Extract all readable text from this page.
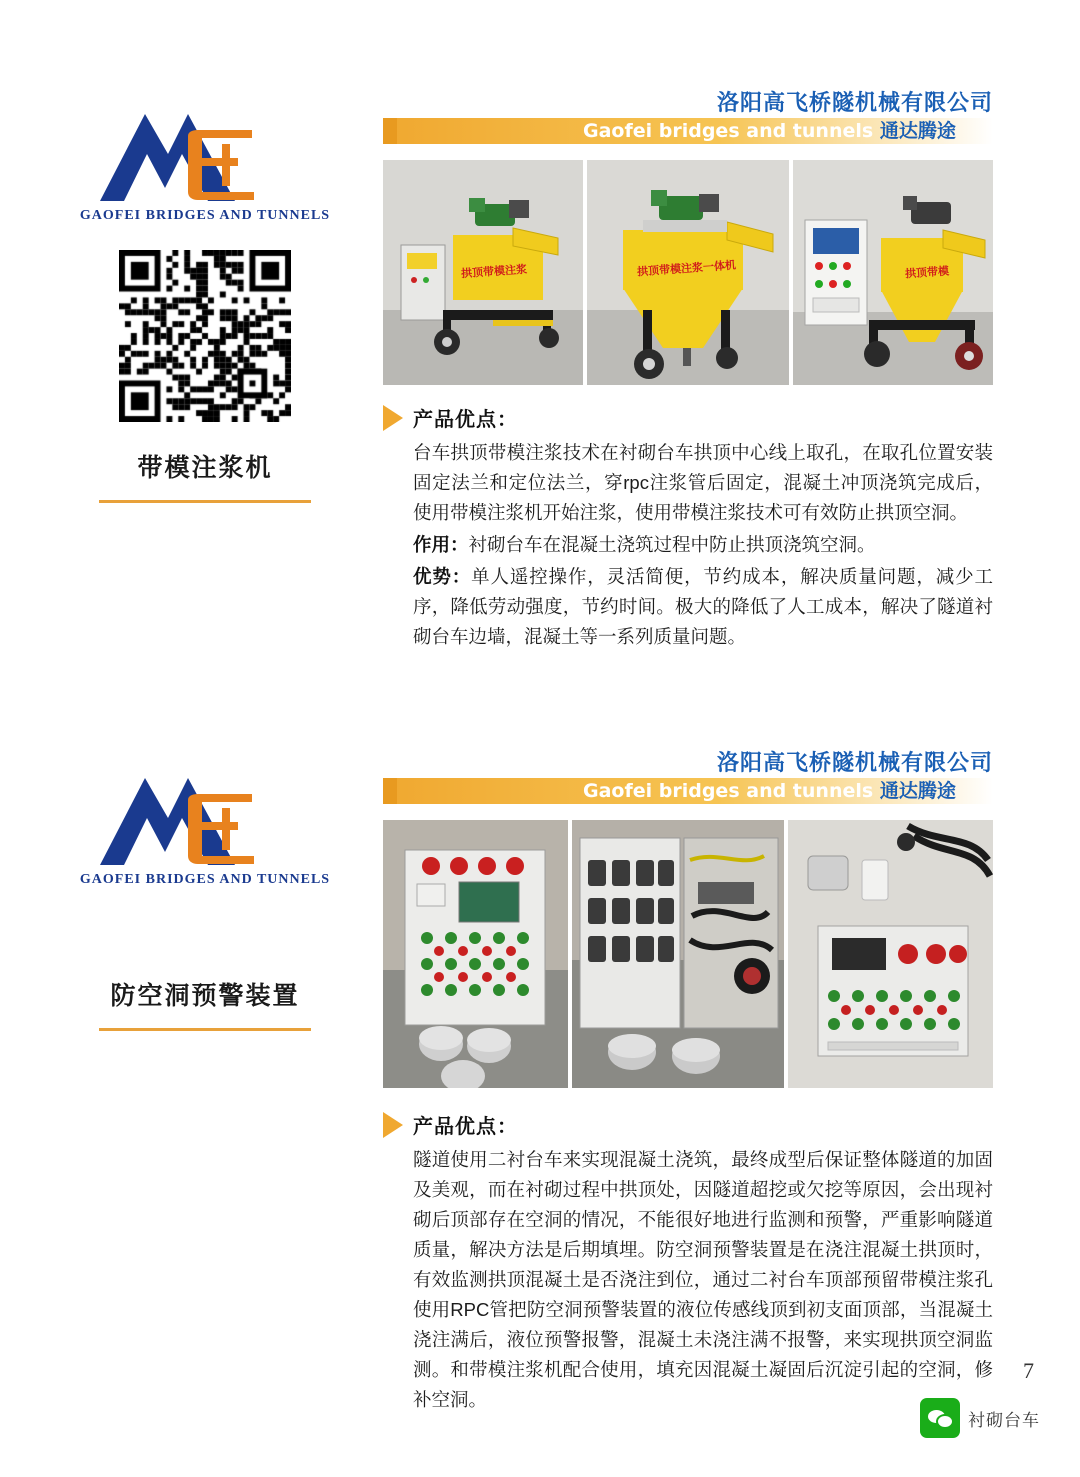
GAOFEI BRIDGES AND TUNNELS
带模注浆机
洛阳高飞桥隧机械有限公司
Gaofei bridges and tunnels 通达腾途
拱顶带模注浆	拱顶带模注浆一体机	拱顶带模
产品优点：

台车拱顶带模注浆技术在衬砌台车拱顶中心线上取孔，在取孔位置安装固定法兰和定位法兰，穿rpc注浆管后固定，混凝土冲顶浇筑完成后，使用带模注浆机开始注浆，使用带模注浆技术可有效防止拱顶空洞。

作用：衬砌台车在混凝土浇筑过程中防止拱顶浇筑空洞。

优势：单人遥控操作，灵活简便，节约成本，解决质量问题，减少工序，降低劳动强度，节约时间。极大的降低了人工成本，解决了隧道衬砌台车边墙，混凝土等一系列质量问题。

GAOFEI BRIDGES AND TUNNELS
防空洞预警装置
洛阳高飞桥隧机械有限公司
Gaofei bridges and tunnels 通达腾途
产品优点：

隧道使用二衬台车来实现混凝土浇筑，最终成型后保证整体隧道的加固及美观，而在衬砌过程中拱顶处，因隧道超挖或欠挖等原因，会出现衬砌后顶部存在空洞的情况，不能很好地进行监测和预警，严重影响隧道质量，解决方法是后期填埋。防空洞预警装置是在浇注混凝土拱顶时，有效监测拱顶混凝土是否浇注到位，通过二衬台车顶部预留带模注浆孔使用RPC管把防空洞预警装置的液位传感线顶到初支面顶部，当混凝土浇注满后，液位预警报警，混凝土未浇注满不报警，来实现拱顶空洞监测。和带模注浆机配合使用，填充因混凝土凝固后沉淀引起的空洞，修补空洞。

7
衬砌台车
